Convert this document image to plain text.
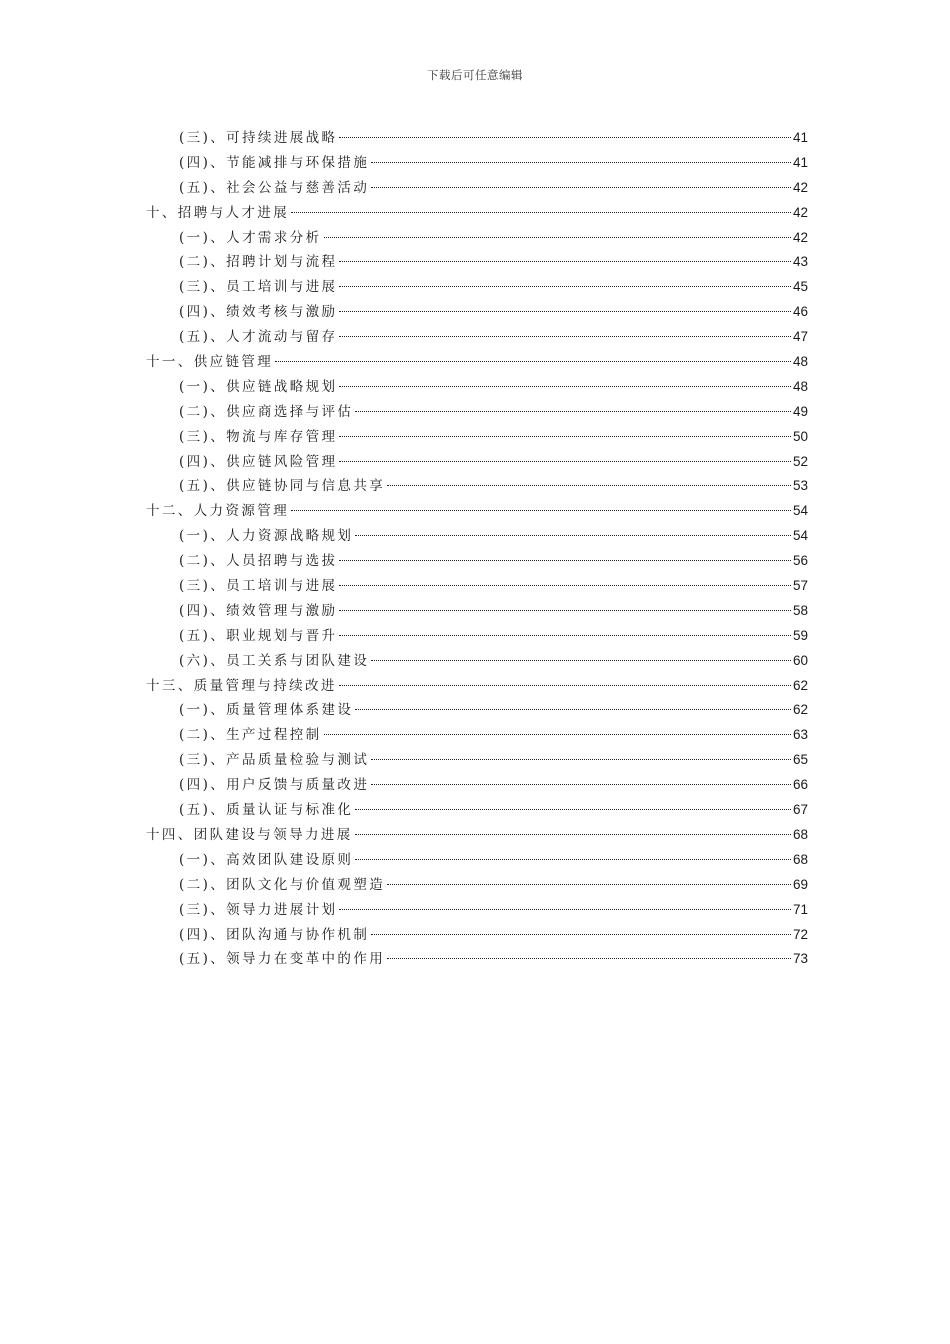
下载后可任意编辑
(三)、可持续进展战略	41
(四)、节能减排与环保措施	41
(五)、社会公益与慈善活动	42
十、招聘与人才进展	42
(一)、人才需求分析	42
(二)、招聘计划与流程	43
(三)、员工培训与进展	45
(四)、绩效考核与激励	46
(五)、人才流动与留存	47
十一、供应链管理	48
(一)、供应链战略规划	48
(二)、供应商选择与评估	49
(三)、物流与库存管理	50
(四)、供应链风险管理	52
(五)、供应链协同与信息共享	53
十二、人力资源管理	54
(一)、人力资源战略规划	54
(二)、人员招聘与选拔	56
(三)、员工培训与进展	57
(四)、绩效管理与激励	58
(五)、职业规划与晋升	59
(六)、员工关系与团队建设	60
十三、质量管理与持续改进	62
(一)、质量管理体系建设	62
(二)、生产过程控制	63
(三)、产品质量检验与测试	65
(四)、用户反馈与质量改进	66
(五)、质量认证与标准化	67
十四、团队建设与领导力进展	68
(一)、高效团队建设原则	68
(二)、团队文化与价值观塑造	69
(三)、领导力进展计划	71
(四)、团队沟通与协作机制	72
(五)、领导力在变革中的作用	73
